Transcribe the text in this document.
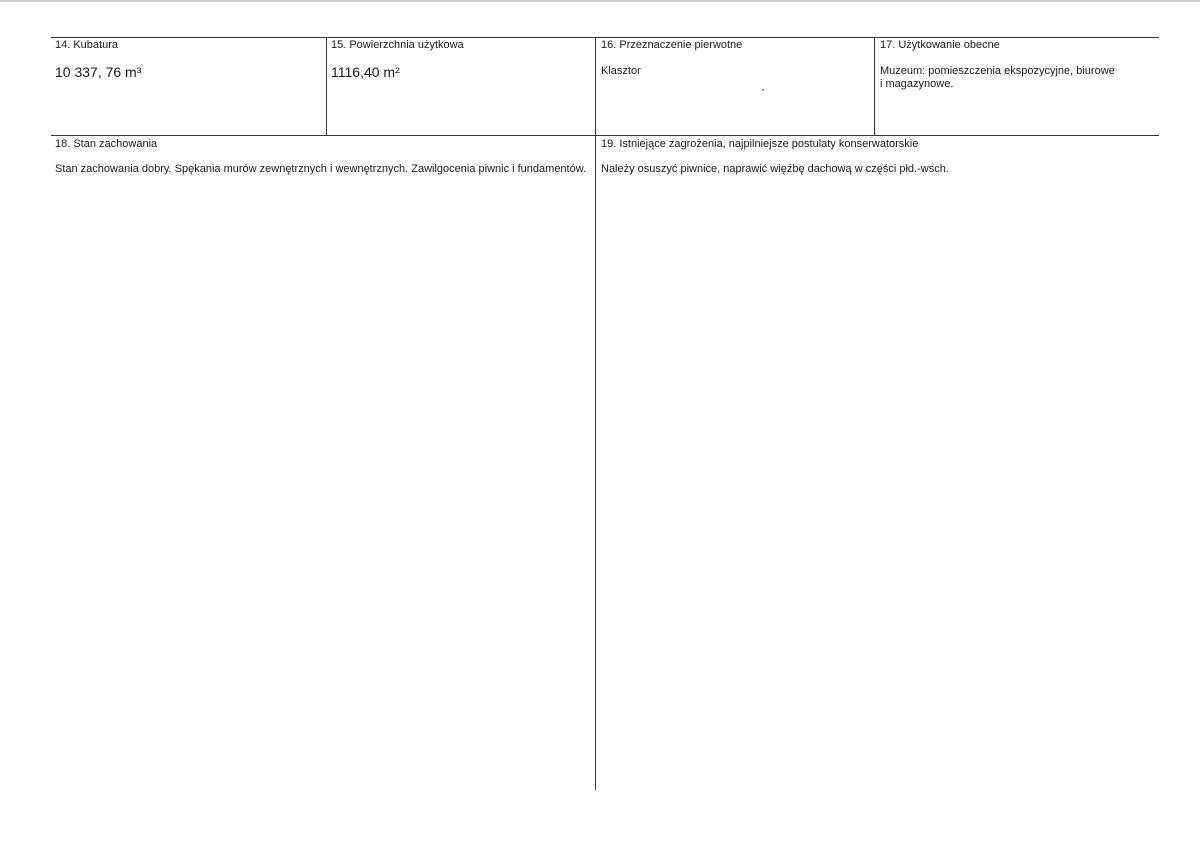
14. Kubatura
10 337, 76 m³
15. Powierzchnia użytkowa
1116,40 m²
16. Przeznaczenie pierwotne
Klasztor
17. Użytkowanie obecne
Muzeum: pomieszczenia ekspozycyjne, biurowe
i magazynowe.
18. Stan zachowania
Stan zachowania dobry. Spękania murów zewnętrznych i wewnętrznych. Zawilgocenia piwnic i fundamentów.
19. Istniejące zagrożenia, najpilniejsze postulaty konserwatorskie
Należy osuszyć piwnice, naprawić więźbę dachową w części płd.-wsch.
